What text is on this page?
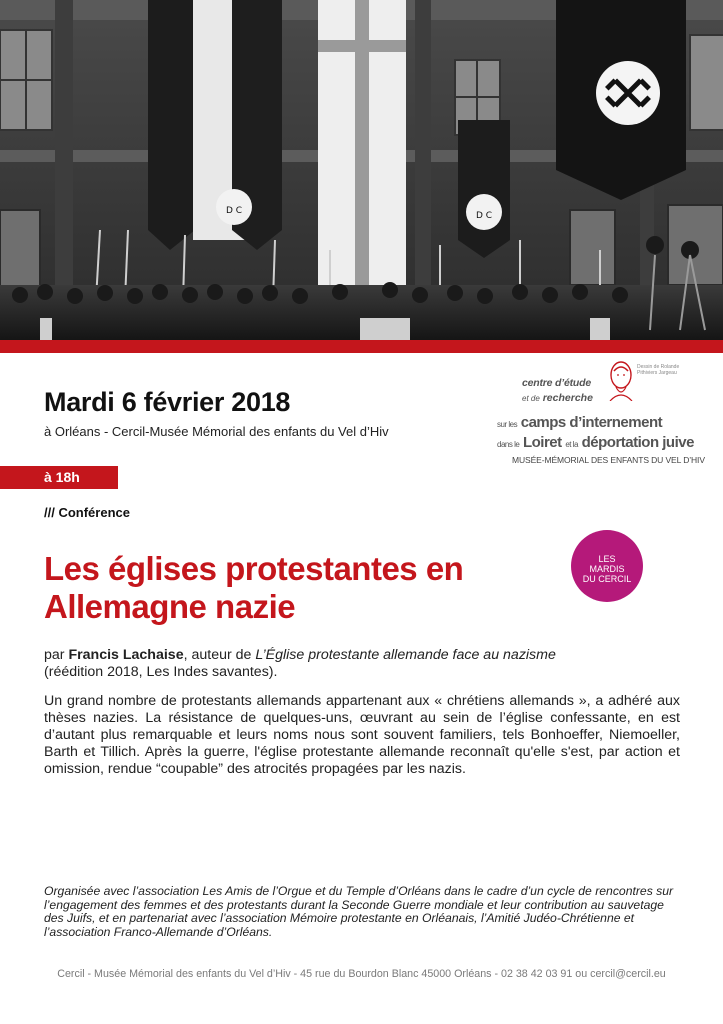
D C	D C
Mardi 6 février 2018
à Orléans - Cercil-Musée Mémorial des enfants du Vel d’Hiv
à 18h
/// Conférence
Dessin de Rolande Pithiviers Jargeau
centre d’étude
et de recherche
sur les camps d’internement
dans le Loiret et la déportation juive
MUSÉE-MÉMORIAL DES ENFANTS DU VEL D’HIV
LES
MARDIS
DU CERCIL
Les églises protestantes en
Allemagne nazie
par Francis Lachaise, auteur de L’Église protestante allemande face au nazisme
(réédition 2018, Les Indes savantes).
Un grand nombre de protestants allemands appartenant aux « chrétiens allemands », a adhéré aux thèses nazies. La résistance de quelques-uns, œuvrant au sein de l’église confessante, en est d’autant plus remarquable et leurs noms nous sont souvent familiers, tels Bonhoeffer, Niemoeller, Barth et Tillich. Après la guerre, l'église protestante allemande reconnaît qu'elle s'est, par action et omission, rendue “coupable” des atrocités propagées par les nazis.
Organisée avec l’association Les Amis de l’Orgue et du Temple d’Orléans dans le cadre d’un cycle de rencontres sur l’engagement des femmes et des protestants durant la Seconde Guerre mondiale et leur contribution au sauvetage des Juifs, et en partenariat avec l’association Mémoire protestante en Orléanais, l’Amitié Judéo-Chrétienne et l’association Franco-Allemande d’Orléans.
Cercil - Musée Mémorial des enfants du Vel d’Hiv - 45 rue du Bourdon Blanc 45000 Orléans - 02 38 42 03 91 ou cercil@cercil.eu
